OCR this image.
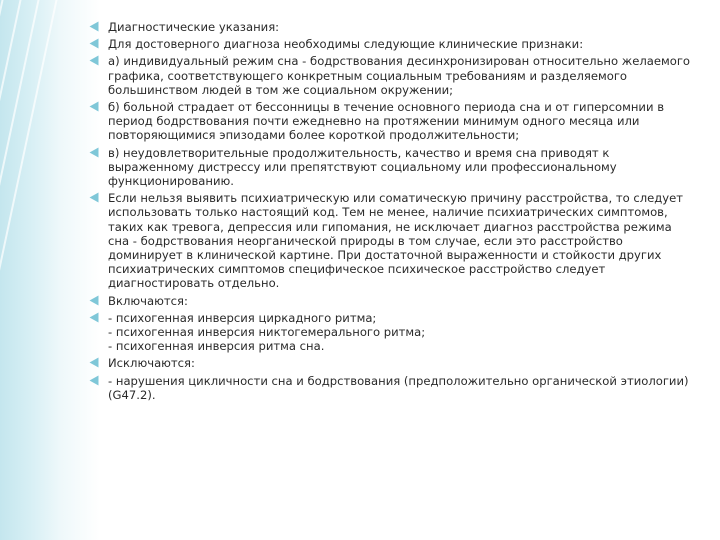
Диагностические указания:
Для достоверного диагноза необходимы следующие клинические признаки:
а) индивидуальный режим сна - бодрствования десинхронизирован относительно желаемого графика, соответствующего конкретным социальным требованиям и разделяемого большинством людей в том же социальном окружении;
б) больной страдает от бессонницы в течение основного периода сна и от гиперсомнии в период бодрствования почти ежедневно на протяжении минимум одного месяца или повторяющимися эпизодами более короткой продолжительности;
в) неудовлетворительные продолжительность, качество и время сна приводят к выраженному дистрессу или препятствуют социальному или профессиональному функционированию.
Если нельзя выявить психиатрическую или соматическую причину расстройства, то следует использовать только настоящий код. Тем не менее, наличие психиатрических симптомов, таких как тревога, депрессия или гипомания, не исключает диагноз расстройства режима сна - бодрствования неорганической природы в том случае, если это расстройство доминирует в клинической картине. При достаточной выраженности и стойкости других психиатрических симптомов специфическое психическое расстройство следует диагностировать отдельно.
Включаются:
- психогенная инверсия циркадного ритма;
- психогенная инверсия никтогемерального ритма;
- психогенная инверсия ритма сна.
Исключаются:
- нарушения цикличности сна и бодрствования (предположительно органической этиологии) (G47.2).
